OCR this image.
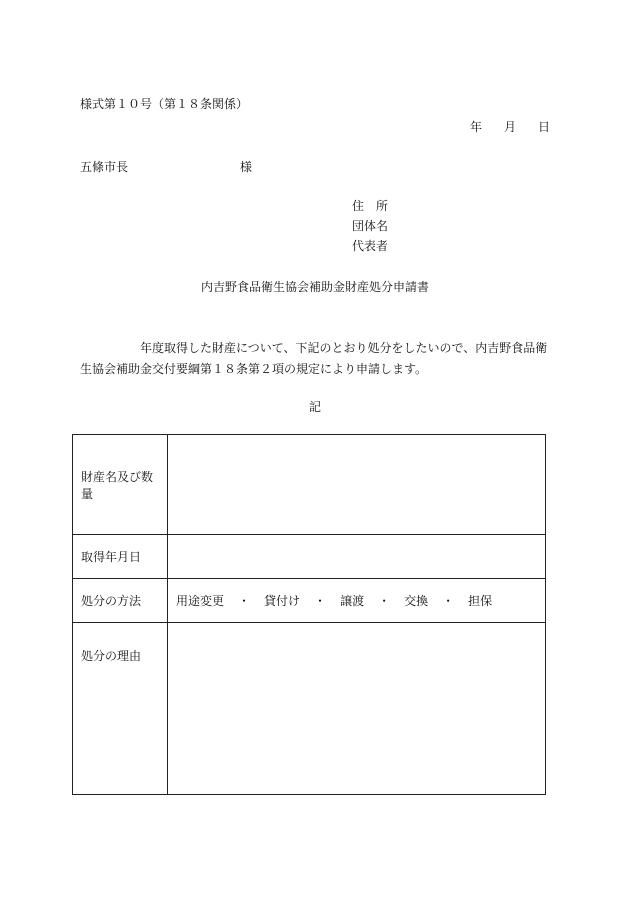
様式第１０号（第１８条関係）
年 月 日
五條市長	様
住　所
団体名
代表者
内吉野食品衛生協会補助金財産処分申請書
年度取得した財産について、下記のとおり処分をしたいので、内吉野食品衛生協会補助金交付要綱第１８条第２項の規定により申請します。
記
財産名及び数量	
取得年月日	
処分の方法	用途変更 ・ 貸付け ・ 譲渡 ・ 交換 ・ 担保
処分の理由	
